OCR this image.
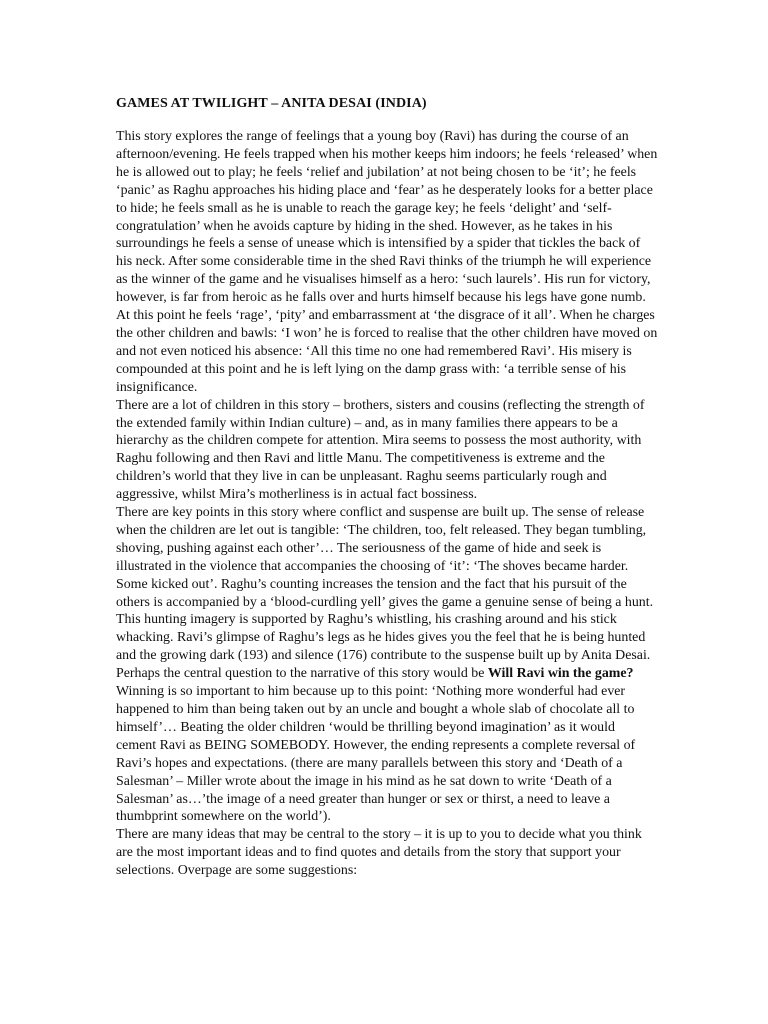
GAMES AT TWILIGHT – ANITA DESAI (INDIA)

This story explores the range of feelings that a young boy (Ravi) has during the course of an afternoon/evening. He feels trapped when his mother keeps him indoors; he feels ‘released’ when he is allowed out to play; he feels ‘relief and jubilation’ at not being chosen to be ‘it’; he feels ‘panic’ as Raghu approaches his hiding place and ‘fear’ as he desperately looks for a better place to hide; he feels small as he is unable to reach the garage key; he feels ‘delight’ and ‘self-congratulation’ when he avoids capture by hiding in the shed. However, as he takes in his surroundings he feels a sense of unease which is intensified by a spider that tickles the back of his neck. After some considerable time in the shed Ravi thinks of the triumph he will experience as the winner of the game and he visualises himself as a hero: ‘such laurels’. His run for victory, however, is far from heroic as he falls over and hurts himself because his legs have gone numb. At this point he feels ‘rage’, ‘pity’ and embarrassment at ‘the disgrace of it all’. When he charges the other children and bawls: ‘I won’ he is forced to realise that the other children have moved on and not even noticed his absence: ‘All this time no one had remembered Ravi’. His misery is compounded at this point and he is left lying on the damp grass with: ‘a terrible sense of his insignificance.

There are a lot of children in this story – brothers, sisters and cousins (reflecting the strength of the extended family within Indian culture) – and, as in many families there appears to be a hierarchy as the children compete for attention. Mira seems to possess the most authority, with Raghu following and then Ravi and little Manu. The competitiveness is extreme and the children’s world that they live in can be unpleasant. Raghu seems particularly rough and aggressive, whilst Mira’s motherliness is in actual fact bossiness.

There are key points in this story where conflict and suspense are built up. The sense of release when the children are let out is tangible: ‘The children, too, felt released. They began tumbling, shoving, pushing against each other’… The seriousness of the game of hide and seek is illustrated in the violence that accompanies the choosing of ‘it’: ‘The shoves became harder. Some kicked out’. Raghu’s counting increases the tension and the fact that his pursuit of the others is accompanied by a ‘blood-curdling yell’ gives the game a genuine sense of being a hunt. This hunting imagery is supported by Raghu’s whistling, his crashing around and his stick whacking. Ravi’s glimpse of Raghu’s legs as he hides gives you the feel that he is being hunted and the growing dark (193) and silence (176) contribute to the suspense built up by Anita Desai.

Perhaps the central question to the narrative of this story would be Will Ravi win the game? Winning is so important to him because up to this point: ‘Nothing more wonderful had ever happened to him than being taken out by an uncle and bought a whole slab of chocolate all to himself’… Beating the older children ‘would be thrilling beyond imagination’ as it would cement Ravi as BEING SOMEBODY. However, the ending represents a complete reversal of Ravi’s hopes and expectations. (there are many parallels between this story and ‘Death of a Salesman’ – Miller wrote about the image in his mind as he sat down to write ‘Death of a Salesman’ as…’the image of a need greater than hunger or sex or thirst, a need to leave a thumbprint somewhere on the world’).

There are many ideas that may be central to the story – it is up to you to decide what you think are the most important ideas and to find quotes and details from the story that support your selections. Overpage are some suggestions:
